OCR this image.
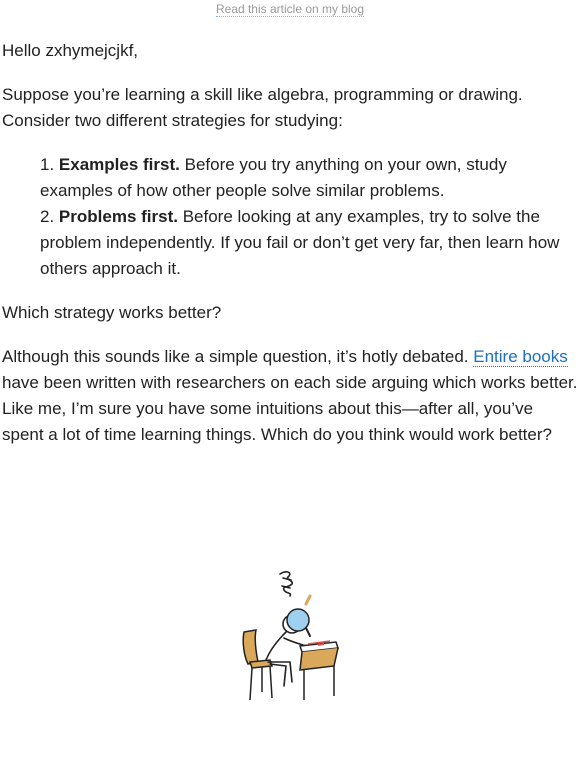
Read this article on my blog

Hello zxhymejcjkf,

Suppose you’re learning a skill like algebra, programming or drawing. Consider two different strategies for studying:

1. Examples first. Before you try anything on your own, study examples of how other people solve similar problems.
2. Problems first. Before looking at any examples, try to solve the problem independently. If you fail or don’t get very far, then learn how others approach it.

Which strategy works better?

Although this sounds like a simple question, it’s hotly debated. Entire books have been written with researchers on each side arguing which works better. Like me, I’m sure you have some intuitions about this—after all, you’ve spent a lot of time learning things. Which do you think would work better?
